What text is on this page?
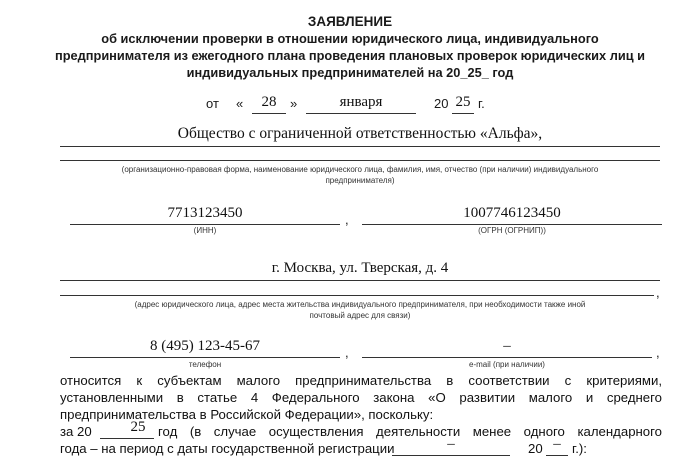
ЗАЯВЛЕНИЕ
об исключении проверки в отношении юридического лица, индивидуального
предпринимателя из ежегодного плана проведения плановых проверок юридических лиц и
индивидуальных предпринимателей на 20_25_ год
от «	28	»	января	20 25 г.
Общество с ограниченной ответственностью «Альфа»,
(организационно-правовая форма, наименование юридического лица, фамилия, имя, отчество (при наличии) индивидуального
предпринимателя)
7713123450
(ИНН)
,	1007746123450
(ОГРН (ОГРНИП))
г. Москва, ул. Тверская, д. 4
,
(адрес юридического лица, адрес места жительства индивидуального предпринимателя, при необходимости также иной
почтовый адрес для связи)
8 (495) 123-45-67
телефон
,	–
e-mail (при наличии)
,
относится к субъектам малого предпринимательства в соответствии с критериями,
установленными в статье 4 Федерального закона «О развитии малого и среднего
предпринимательства в Российской Федерации», поскольку:
за 20	25 год (в случае осуществления деятельности менее одного календарного
года – на период с даты государственной регистрации	–	20 – г.):
